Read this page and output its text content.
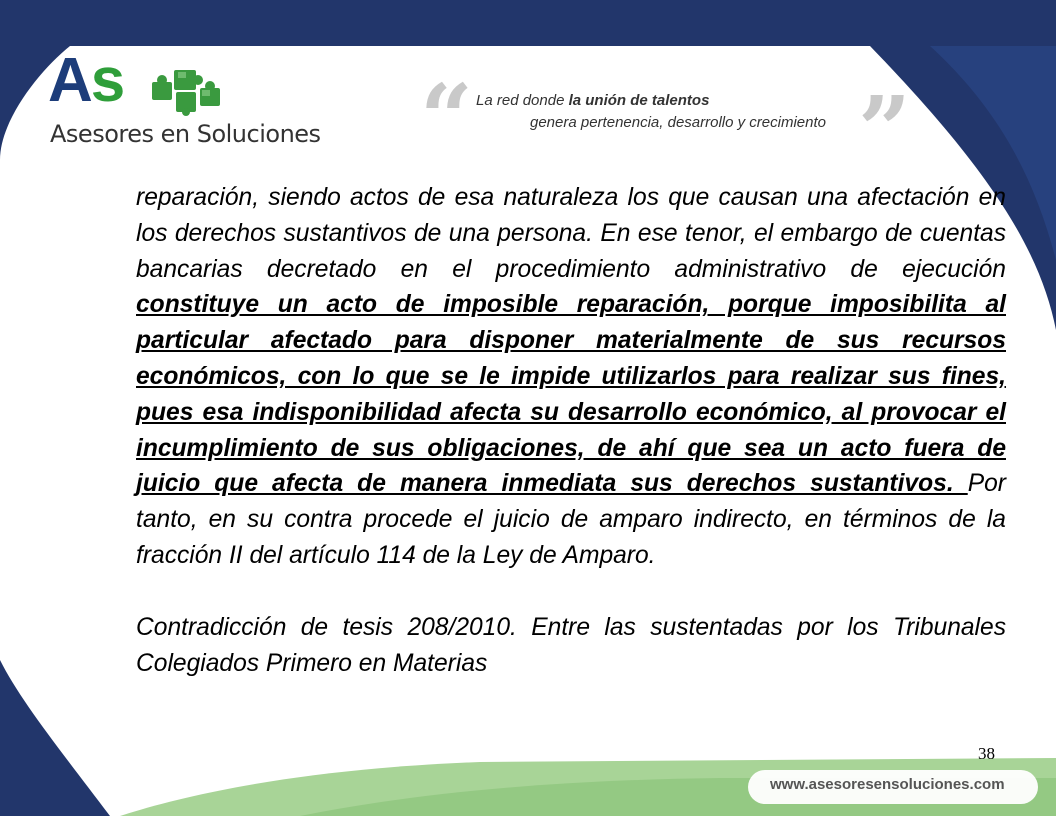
As
Asesores en Soluciones “ La red donde la unión de talentos
genera pertenencia, desarrollo y crecimiento ”

reparación, siendo actos de esa naturaleza los que causan una afectación en los derechos sustantivos de una persona. En ese tenor, el embargo de cuentas bancarias decretado en el procedimiento administrativo de ejecución constituye un acto de imposible reparación, porque imposibilita al particular afectado para disponer materialmente de sus recursos económicos, con lo que se le impide utilizarlos para realizar sus fines, pues esa indisponibilidad afecta su desarrollo económico, al provocar el incumplimiento de sus obligaciones, de ahí que sea un acto fuera de juicio que afecta de manera inmediata sus derechos sustantivos. Por tanto, en su contra procede el juicio de amparo indirecto, en términos de la fracción II del artículo 114 de la Ley de Amparo.

Contradicción de tesis 208/2010. Entre las sustentadas por los Tribunales Colegiados Primero en Materias

38
www.asesoresensoluciones.com
